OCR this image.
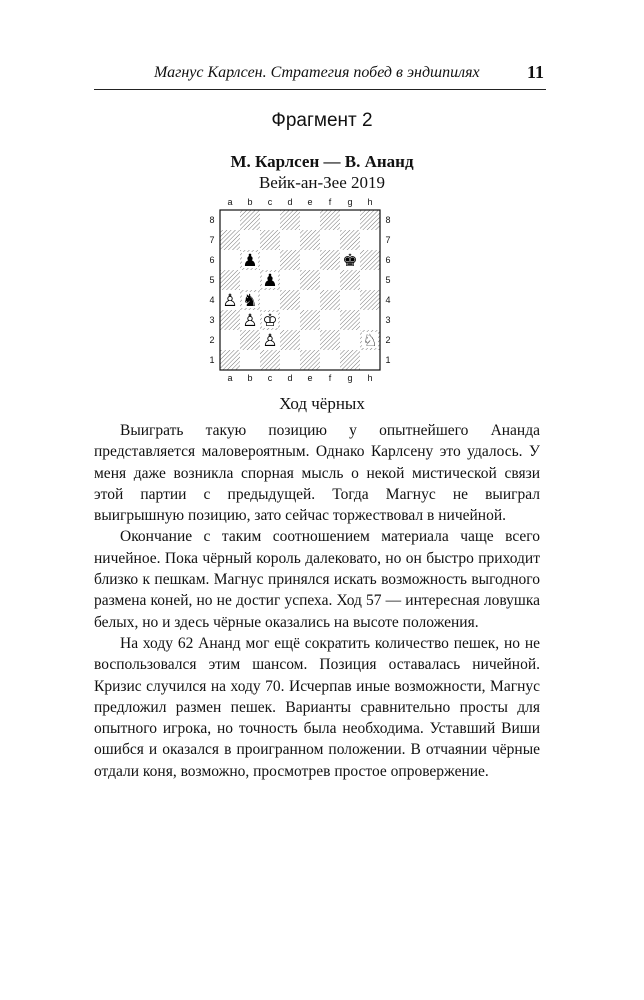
Магнус Карлсен. Стратегия побед в эндшпилях	11
Фрагмент 2
М. Карлсен — В. Ананд
Вейк-ан-Зее 2019
a
a
b
b
c
c
d
d
e
e
f
f
g
g
h
h
8	8
7	7
6	6
5	5
4	4
3	3
2	2
1	1
♚
♟
♟
♞
♙
♙ ♔
♙	♘
Ход чёрных

Выиграть такую позицию у опытнейшего Ананда представляется маловероятным. Однако Карлсену это удалось. У меня даже возникла спорная мысль о некой мистической связи этой партии с предыдущей. Тогда Магнус не выиграл выигрышную позицию, зато сейчас торжествовал в ничейной.

Окончание с таким соотношением материала чаще всего ничейное. Пока чёрный король далековато, но он быстро приходит близко к пешкам. Магнус принялся искать возможность выгодного размена коней, но не достиг успеха. Ход 57 — интересная ловушка белых, но и здесь чёрные оказались на высоте положения.

На ходу 62 Ананд мог ещё сократить количество пешек, но не воспользовался этим шансом. Позиция оставалась ничейной. Кризис случился на ходу 70. Исчерпав иные возможности, Магнус предложил размен пешек. Варианты сравнительно просты для опытного игрока, но точность была необходима. Уставший Виши ошибся и оказался в проигранном положении. В отчаянии чёрные отдали коня, возможно, просмотрев простое опровержение.
